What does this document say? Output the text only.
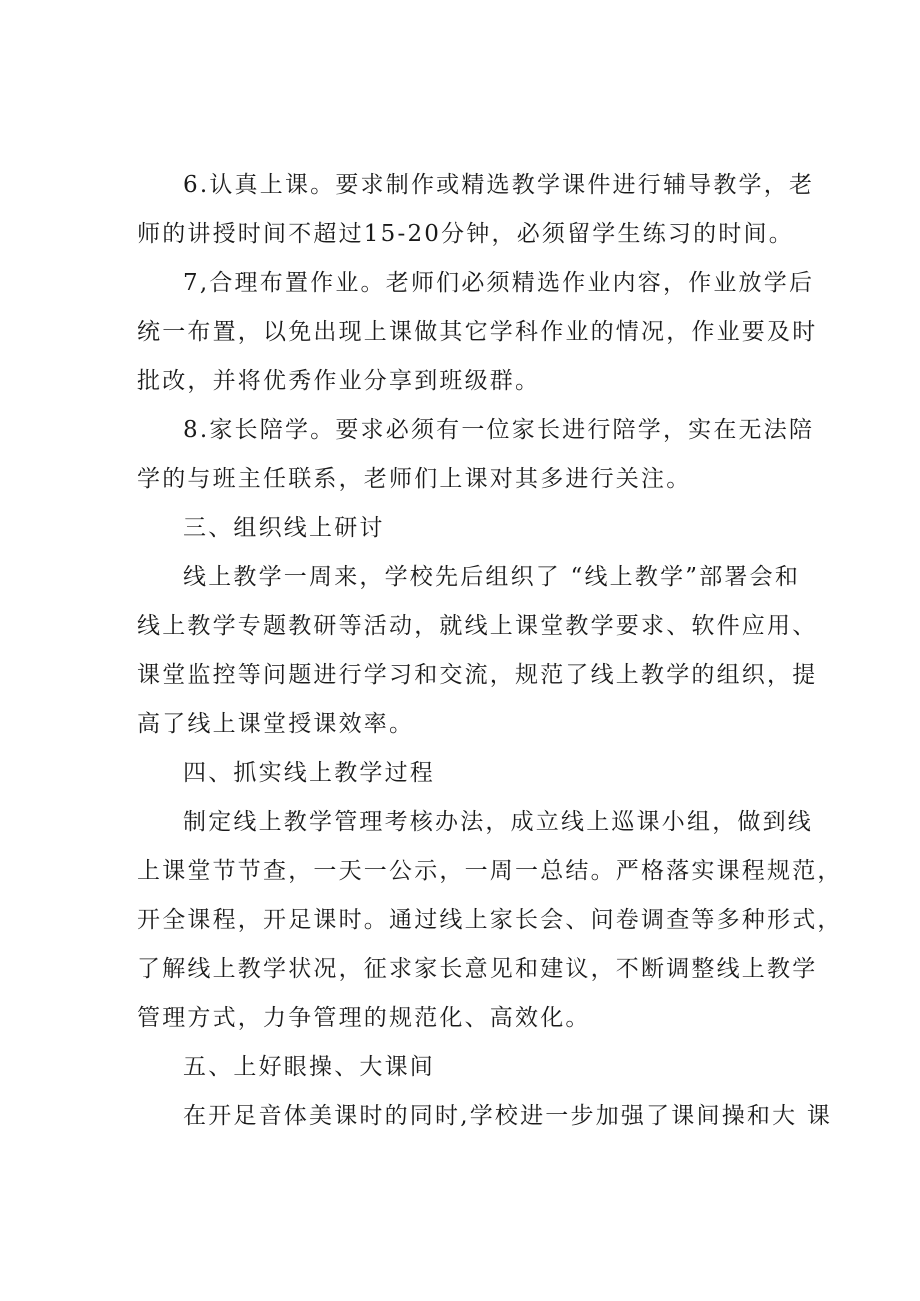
6.认真上课。要求制作或精选教学课件进行辅导教学，老
师的讲授时间不超过15-20分钟，必须留学生练习的时间。
7,合理布置作业。老师们必须精选作业内容，作业放学后
统一布置，以免出现上课做其它学科作业的情况，作业要及时
批改，并将优秀作业分享到班级群。
8.家长陪学。要求必须有一位家长进行陪学，实在无法陪
学的与班主任联系，老师们上课对其多进行关注。
三、组织线上研讨
线上教学一周来，学校先后组织了 “线上教学”部署会和
线上教学专题教研等活动，就线上课堂教学要求、软件应用、
课堂监控等问题进行学习和交流，规范了线上教学的组织，提
高了线上课堂授课效率。
四、抓实线上教学过程
制定线上教学管理考核办法，成立线上巡课小组，做到线
上课堂节节查，一天一公示，一周一总结。严格落实课程规范，
开全课程，开足课时。通过线上家长会、问卷调查等多种形式，
了解线上教学状况，征求家长意见和建议，不断调整线上教学
管理方式，力争管理的规范化、高效化。
五、上好眼操、大课间
在开足音体美课时的同时,学校进一步加强了课间操和大 课
